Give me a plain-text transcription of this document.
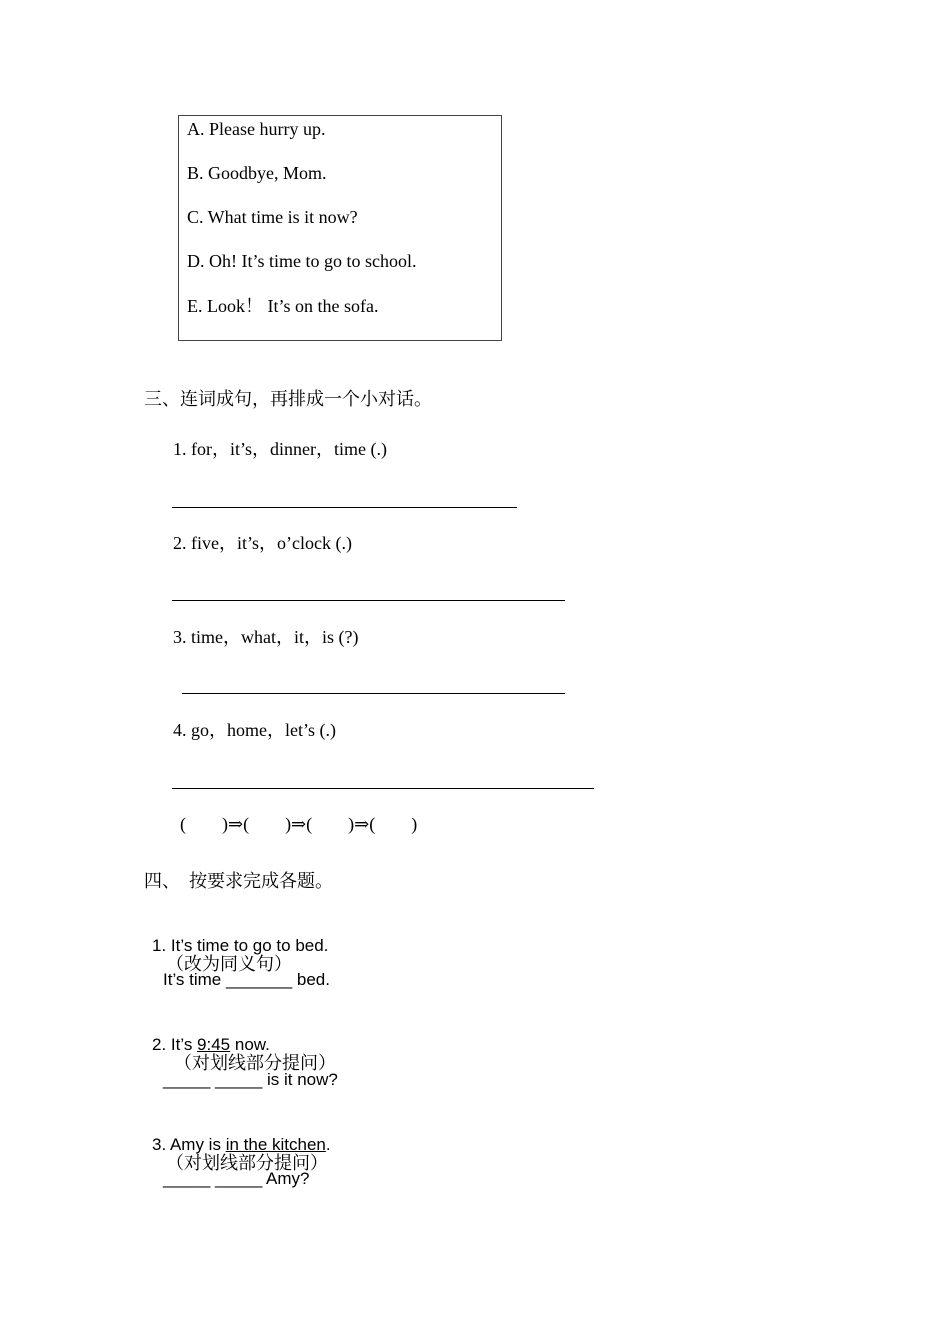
A. Please hurry up.
B. Goodbye, Mom.
C. What time is it now?
D. Oh! It’s time to go to school.
E. Look！ It’s on the sofa.
三、连词成句，再排成一个小对话。
1. for，it’s，dinner，time (.)
2. five，it’s，o’clock (.)
3. time，what，it，is (?)
4. go，home，let’s (.)
(        )⇒(        )⇒(        )⇒(        )
四、  按要求完成各题。

1. It’s time to go to bed.
（改为同义句）

It’s time _______ bed.

2. It’s 9:45 now.
（对划线部分提问）

_____ _____ is it now?

3. Amy is in the kitchen.
（对划线部分提问）

_____ _____ Amy?
